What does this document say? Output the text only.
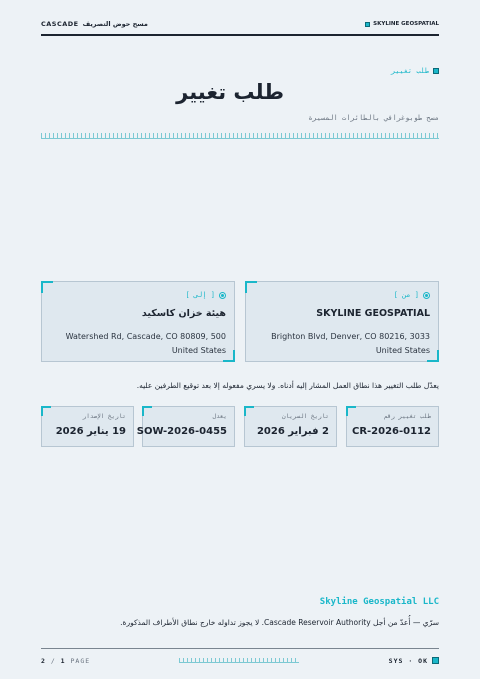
CASCADE مسح حوض التصريف	SKYLINE GEOSPATIAL
طلب تغيير
طلب تغيير
مسح طوبوغرافي بالطائرات المسيرة
[ من ]
SKYLINE GEOSPATIAL
Brighton Blvd, Denver, CO 80216, 3033
United States
[ إلى ]
هيئة خزان كاسكيد
Watershed Rd, Cascade, CO 80809, 500
United States
يعدّل طلب التغيير هذا نطاق العمل المشار إليه أدناه. ولا يسري مفعوله إلا بعد توقيع الطرفين عليه.
طلب تغيير رقم
CR-2026-0112
تاريخ السريان
2 فبراير 2026
يعدل
SOW-2026-0455
تاريخ الإصدار
19 يناير 2026
Skyline Geospatial LLC
سرّي — أُعدّ من أجل Cascade Reservoir Authority. لا يجوز تداوله خارج نطاق الأطراف المذكورة.
2 / 1 PAGE	SYS · OK
